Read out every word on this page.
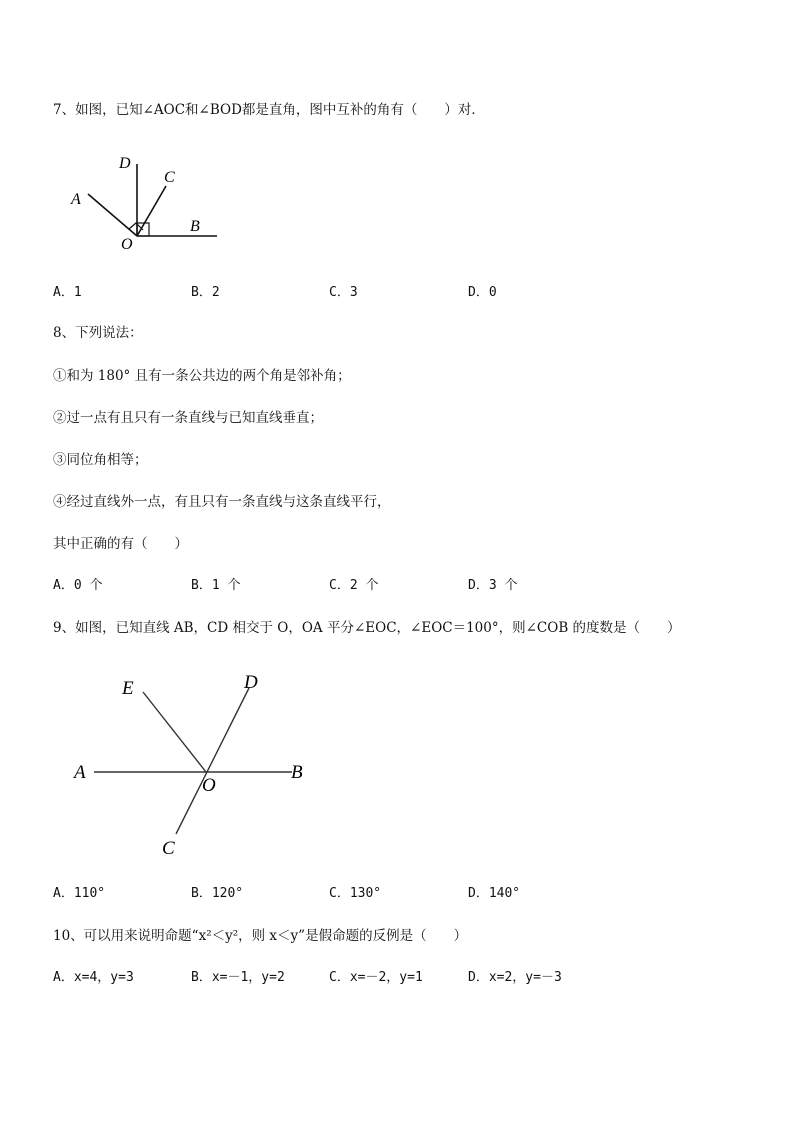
7、如图，已知∠AOC和∠BOD都是直角，图中互补的角有（　　）对．
D
C
A
B
O
A．1	B．2	C．3	D．0
8、下列说法：
①和为 180° 且有一条公共边的两个角是邻补角；
②过一点有且只有一条直线与已知直线垂直；
③同位角相等；
④经过直线外一点，有且只有一条直线与这条直线平行，
其中正确的有（　　）
A．0 个	B．1 个	C．2 个	D．3 个
9、如图，已知直线 AB，CD 相交于 O，OA 平分∠EOC，∠EOC＝100°，则∠COB 的度数是（　　）
E	D
A
O
B
C
A．110°	B．120°	C．130°	D．140°
10、可以用来说明命题“x²＜y²，则 x＜y”是假命题的反例是（　　）
A．x=4，y=3	B．x=－1，y=2	C．x=－2，y=1	D．x=2，y=－3
